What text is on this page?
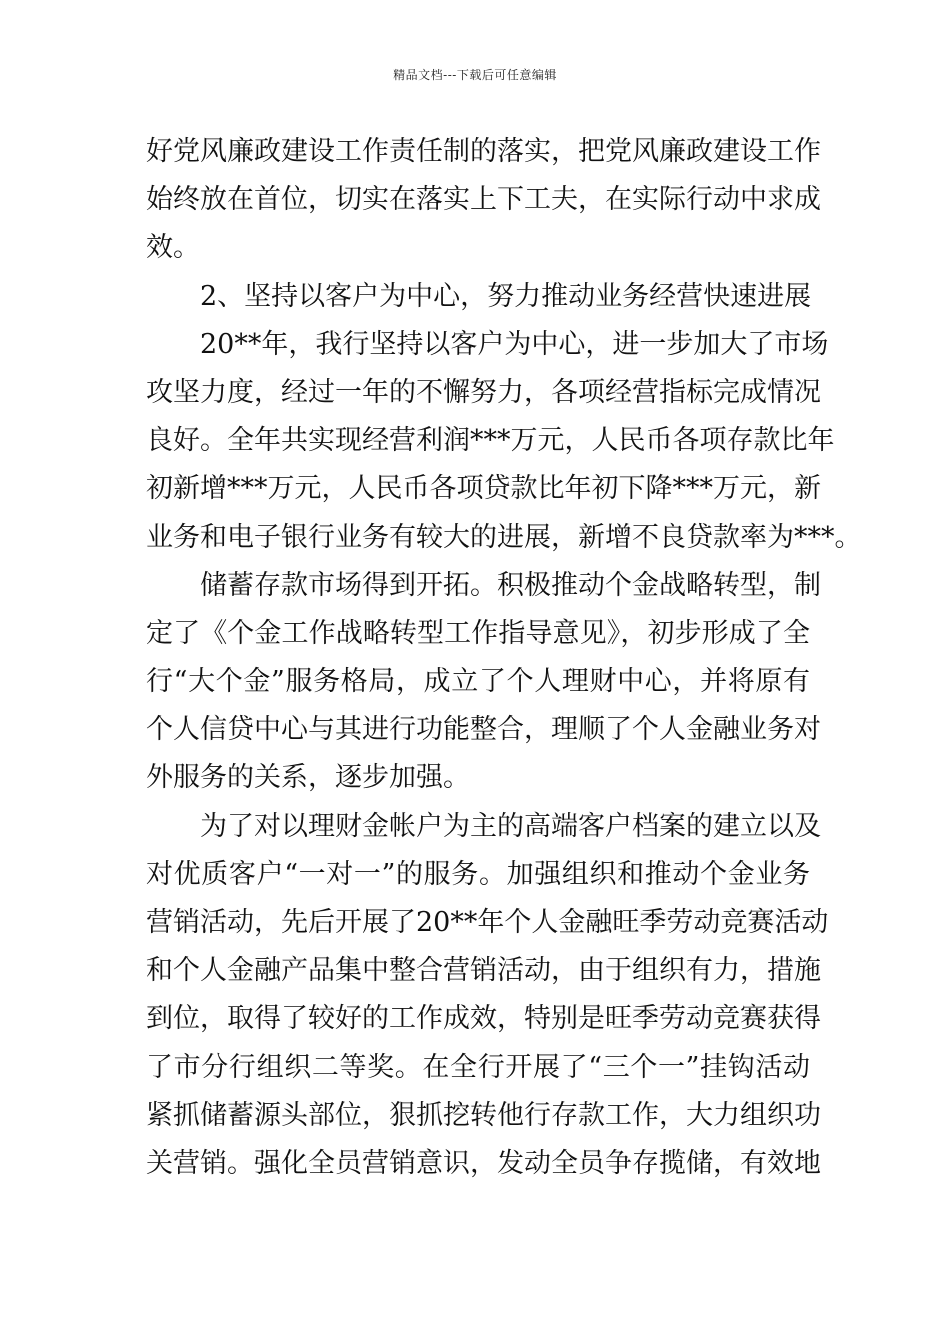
精品文档---下载后可任意编辑
好党风廉政建设工作责任制的落实，把党风廉政建设工作
始终放在首位，切实在落实上下工夫，在实际行动中求成
效。
2、坚持以客户为中心，努力推动业务经营快速进展
20**年，我行坚持以客户为中心，进一步加大了市场
攻坚力度，经过一年的不懈努力，各项经营指标完成情况
良好。全年共实现经营利润***万元，人民币各项存款比年
初新增***万元，人民币各项贷款比年初下降***万元，新
业务和电子银行业务有较大的进展，新增不良贷款率为***。
储蓄存款市场得到开拓。积极推动个金战略转型，制
定了《个金工作战略转型工作指导意见》，初步形成了全
行“大个金”服务格局，成立了个人理财中心，并将原有
个人信贷中心与其进行功能整合，理顺了个人金融业务对
外服务的关系，逐步加强。
为了对以理财金帐户为主的高端客户档案的建立以及
对优质客户“一对一”的服务。加强组织和推动个金业务
营销活动，先后开展了20**年个人金融旺季劳动竞赛活动
和个人金融产品集中整合营销活动，由于组织有力，措施
到位，取得了较好的工作成效，特别是旺季劳动竞赛获得
了市分行组织二等奖。在全行开展了“三个一”挂钩活动
紧抓储蓄源头部位，狠抓挖转他行存款工作，大力组织功
关营销。强化全员营销意识，发动全员争存揽储，有效地
